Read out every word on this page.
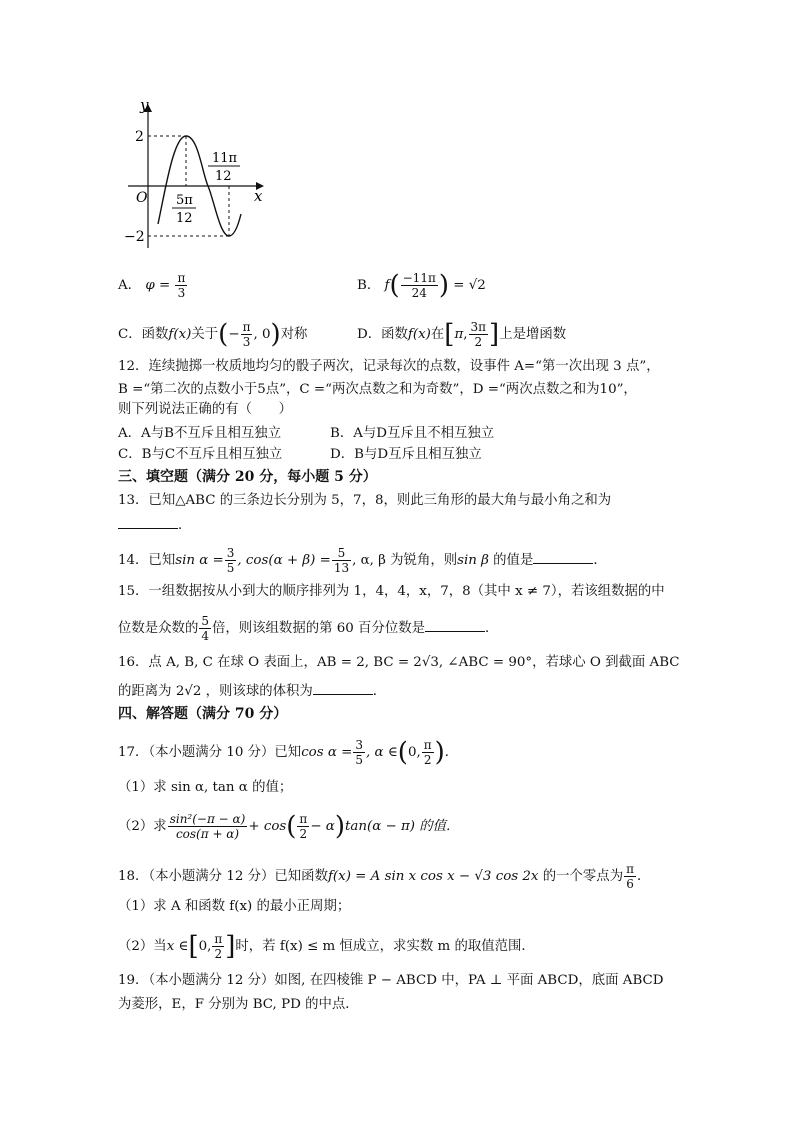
y
x
O
2
−2
5π
12
11π
12
A． $\varphi = \frac{\pi}{3}$	B． $f( \frac{-11\pi}{24}$ ) = √2
C．函数f(x)关于(− $\frac{\pi}{3}$ , 0)对称	D．函数f(x)在[π, $\frac{3\pi}{2}$ ]上是增函数
12．连续抛掷一枚质地均匀的骰子两次，记录每次的点数，设事件 A=“第一次出现 3 点”，
B =“第二次的点数小于5点”，C =“两次点数之和为奇数”，D =“两次点数之和为10”，
则下列说法正确的有（　　）
A．A与B不互斥且相互独立	B．A与D互斥且不相互独立
C．B与C不互斥且相互独立	D．B与D互斥且相互独立
三、填空题（满分 20 分，每小题 5 分）
13．已知△ABC 的三条边长分别为 5，7，8，则此三角形的最大角与最小角之和为
．
14．已知$\sin \alpha = \frac{3}{5}$ , $\cos(\alpha + \beta) = \frac{5}{13}$ , α, β 为锐角，则sin β 的值是	．
15．一组数据按从小到大的顺序排列为 1，4，4，x，7，8（其中 x ≠ 7），若该组数据的中
位数是众数的 $\frac{5}{4}$ 倍，则该组数据的第 60 百分位数是	．
16．点 A, B, C 在球 O 表面上，AB = 2, BC = 2√3, ∠ABC = 90°，若球心 O 到截面 ABC
的距离为 2√2 ，则该球的体积为	．
四、解答题（满分 70 分）
17．（本小题满分 10 分）已知$\cos \alpha = \frac{3}{5}$ , α ∈(0, $\frac{\pi}{2}$ )．
（1）求 sin α, tan α 的值；
（2）求 $\frac{\text{sin²(−π − α)}}{\cos(\pi + \alpha)} + \cos( \frac{\pi}{2} - \alpha)\tan(\alpha - \pi)$ 的值．
18．（本小题满分 12 分）已知函数f(x) = A sin x cos x − √3 cos 2x 的一个零点为 $\frac{\pi}{6}$ ．
（1）求 A 和函数 f(x) 的最小正周期；
（2）当x ∈[0, $\frac{\pi}{2}$ ]时，若 f(x) ≤ m 恒成立，求实数 m 的取值范围．
19．（本小题满分 12 分）如图, 在四棱锥 P − ABCD 中，PA ⊥ 平面 ABCD，底面 ABCD
为菱形，E，F 分别为 BC, PD 的中点．
